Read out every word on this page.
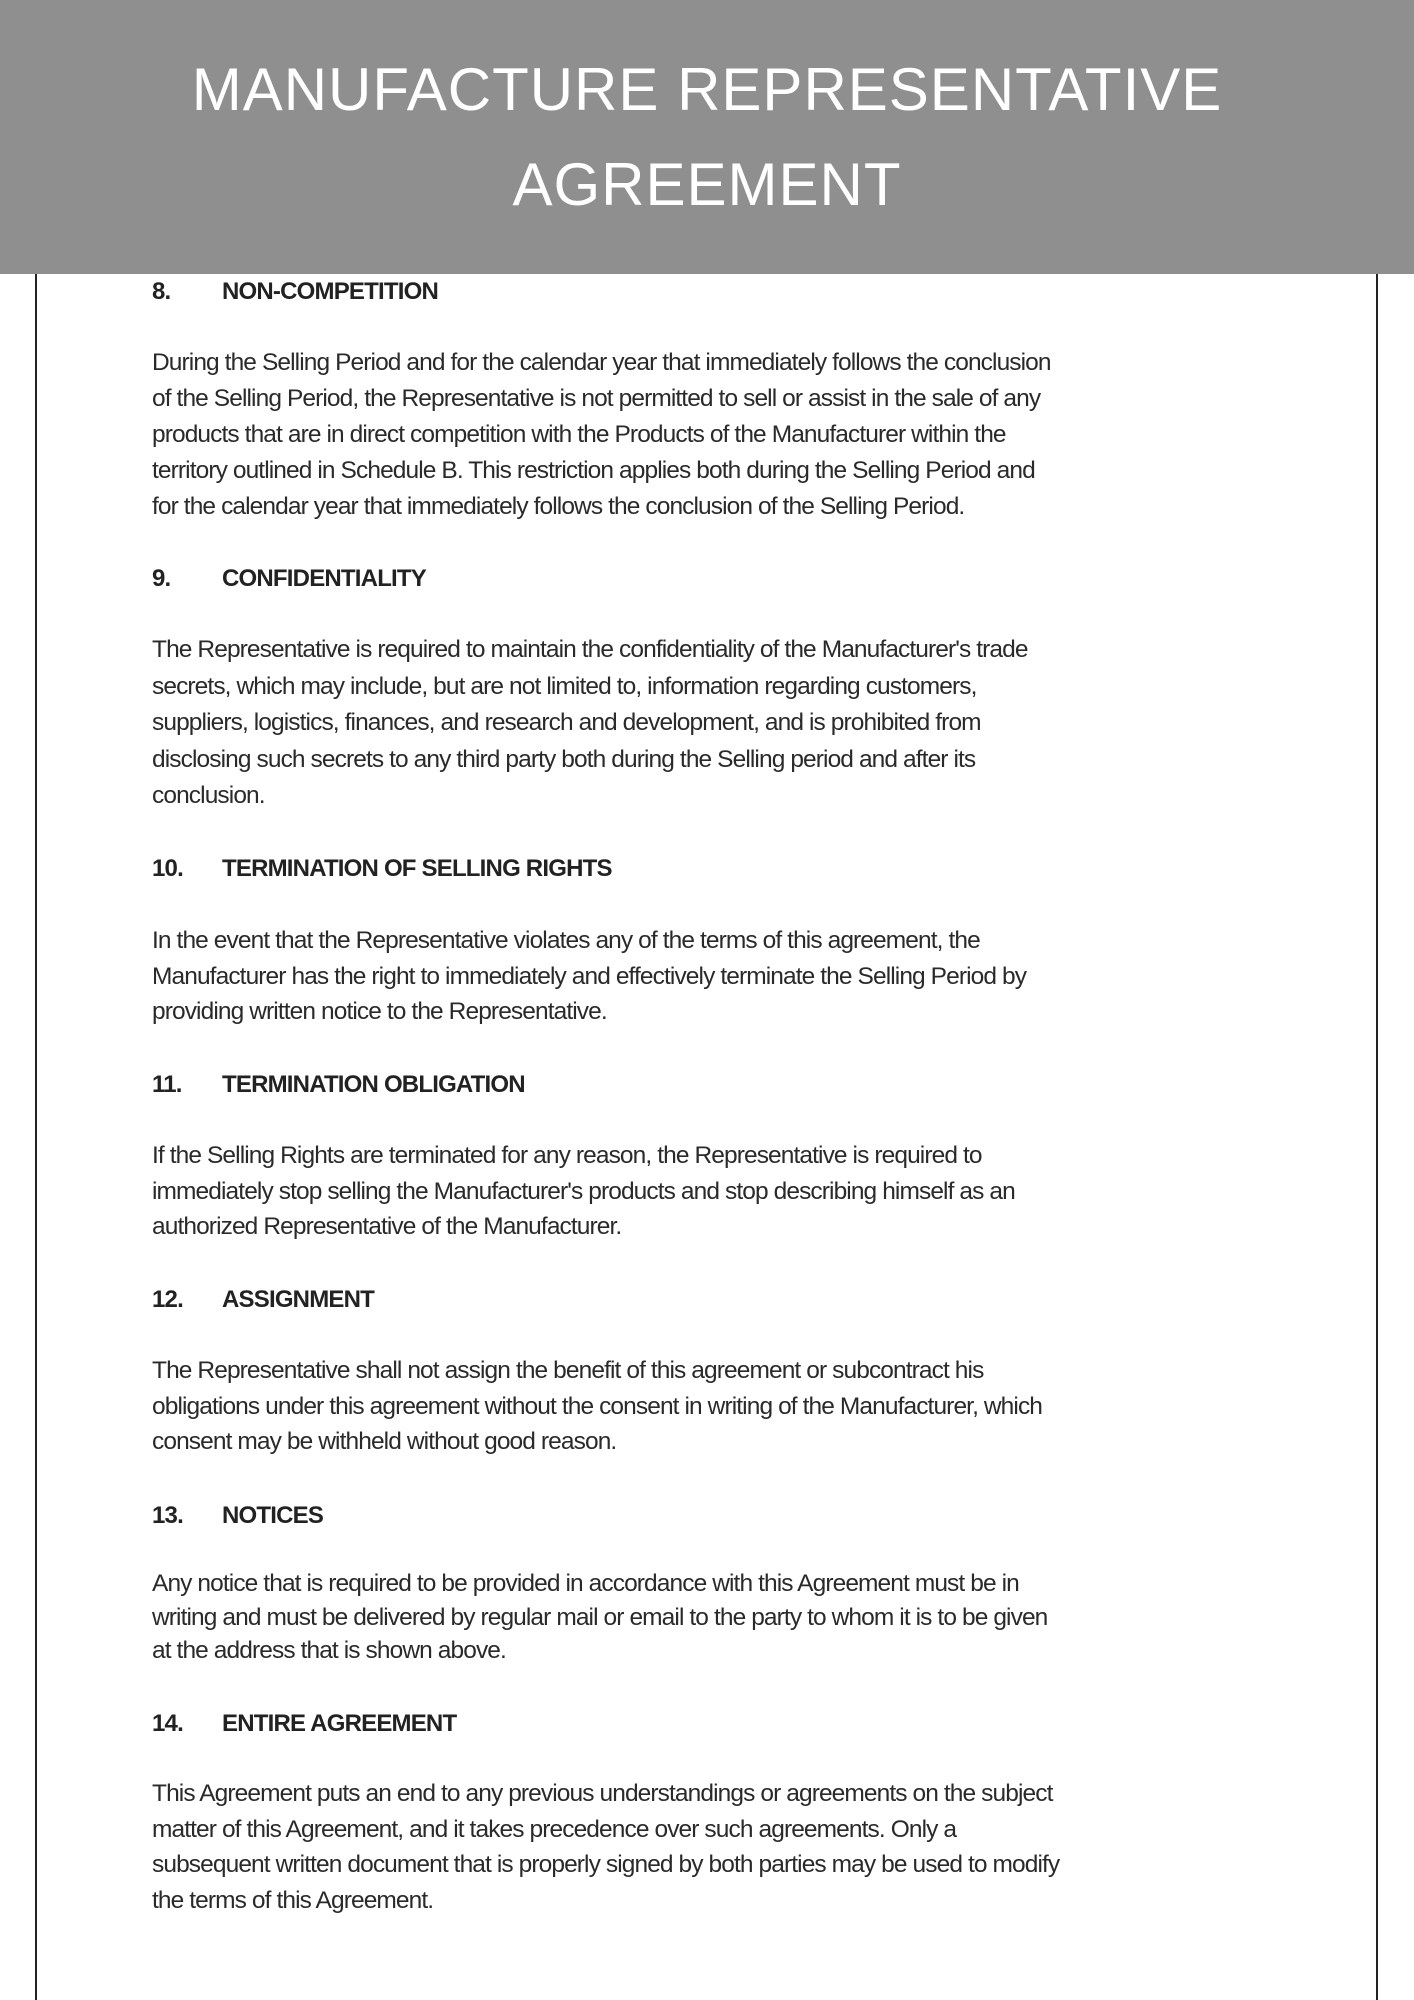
MANUFACTURE REPRESENTATIVE
AGREEMENT
8. NON-COMPETITION
During the Selling Period and for the calendar year that immediately follows the conclusion
of the Selling Period, the Representative is not permitted to sell or assist in the sale of any
products that are in direct competition with the Products of the Manufacturer within the
territory outlined in Schedule B. This restriction applies both during the Selling Period and
for the calendar year that immediately follows the conclusion of the Selling Period.
9. CONFIDENTIALITY
The Representative is required to maintain the confidentiality of the Manufacturer's trade
secrets, which may include, but are not limited to, information regarding customers,
suppliers, logistics, finances, and research and development, and is prohibited from
disclosing such secrets to any third party both during the Selling period and after its
conclusion.
10. TERMINATION OF SELLING RIGHTS
In the event that the Representative violates any of the terms of this agreement, the
Manufacturer has the right to immediately and effectively terminate the Selling Period by
providing written notice to the Representative.
11. TERMINATION OBLIGATION
If the Selling Rights are terminated for any reason, the Representative is required to
immediately stop selling the Manufacturer's products and stop describing himself as an
authorized Representative of the Manufacturer.
12. ASSIGNMENT
The Representative shall not assign the benefit of this agreement or subcontract his
obligations under this agreement without the consent in writing of the Manufacturer, which
consent may be withheld without good reason.
13. NOTICES
Any notice that is required to be provided in accordance with this Agreement must be in
writing and must be delivered by regular mail or email to the party to whom it is to be given
at the address that is shown above.
14. ENTIRE AGREEMENT
This Agreement puts an end to any previous understandings or agreements on the subject
matter of this Agreement, and it takes precedence over such agreements. Only a
subsequent written document that is properly signed by both parties may be used to modify
the terms of this Agreement.
